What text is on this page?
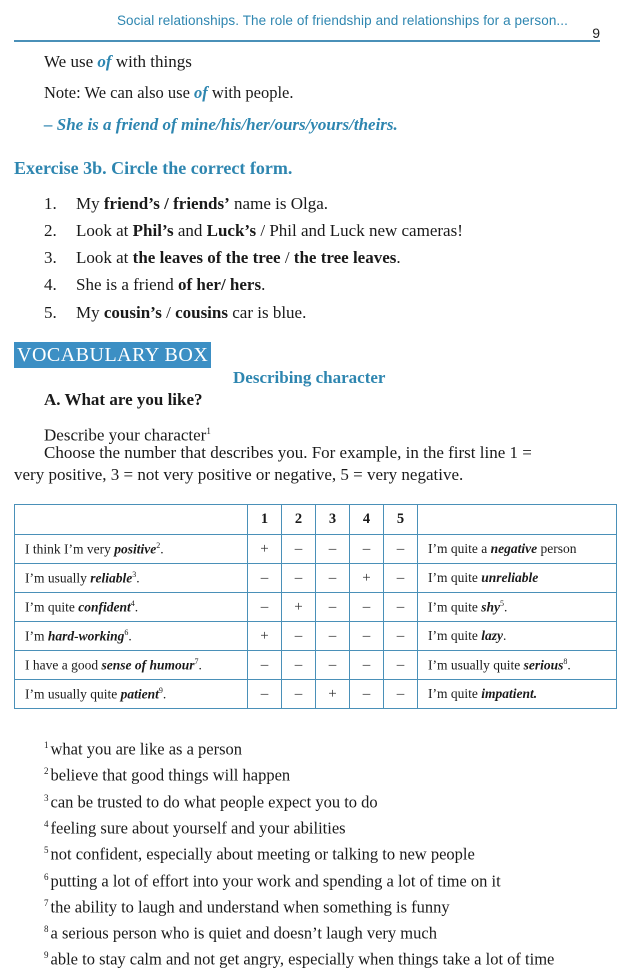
Social relationships. The role of friendship and relationships for a person...
9
We use of with things
Note: We can also use of with people.
– She is a friend of mine/his/her/ours/yours/theirs.
Exercise 3b. Circle the correct form.
1. My friend’s / friends’ name is Olga.
2. Look at Phil’s and Luck’s / Phil and Luck new cameras!
3. Look at the leaves of the tree / the tree leaves.
4. She is a friend of her/ hers.
5. My cousin’s / cousins car is blue.
VOCABULARY BOX
Describing character
A. What are you like?
Describe your character$^1$
Choose the number that describes you. For example, in the first line 1 =
very positive, 3 = not very positive or negative, 5 = very negative.
	1	2	3	4	5	
I think I’m very positive$^2$.	+	–	–	–	–	I’m quite a negative person
I’m usually reliable$^3$.	–	–	–	+	–	I’m quite unreliable
I’m quite confident$^4$.	–	+	–	–	–	I’m quite shy$^5$.
I’m hard-working$^6$.	+	–	–	–	–	I’m quite lazy.
I have a good sense of humour$^7$.	–	–	–	–	–	I’m usually quite serious$^8$.
I’m usually quite patient$^9$.	–	–	+	–	–	I’m quite impatient.
$^1$ what you are like as a person
$^2$ believe that good things will happen
$^3$ can be trusted to do what people expect you to do
$^4$ feeling sure about yourself and your abilities
$^5$ not confident, especially about meeting or talking to new people
$^6$ putting a lot of effort into your work and spending a lot of time on it
$^7$ the ability to laugh and understand when something is funny
$^8$ a serious person who is quiet and doesn’t laugh very much
$^9$ able to stay calm and not get angry, especially when things take a lot of time
